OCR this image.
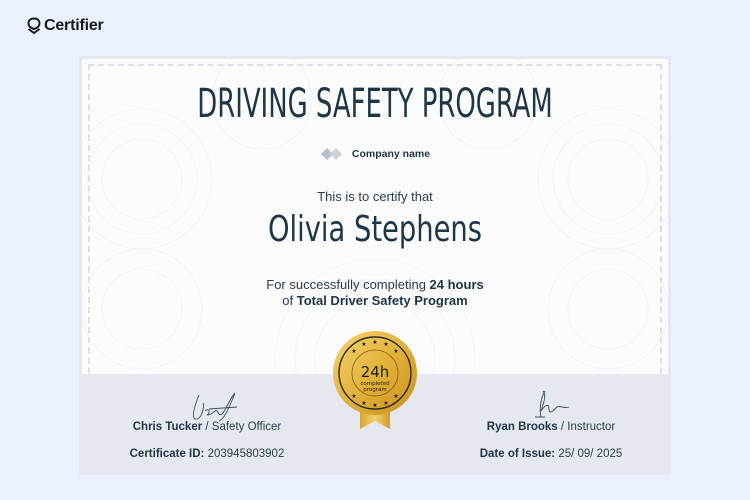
Certifier
DRIVING SAFETY PROGRAM
Company name
This is to certify that
Olivia Stephens
For successfully completing 24 hours
of Total Driver Safety Program
Chris Tucker / Safety Officer
Certificate ID: 203945803902
Ryan Brooks / Instructor
Date of Issue: 25/ 09/ 2025
★
★ ★ ★
★
★
★ ★ ★
★
24h
completed
program
